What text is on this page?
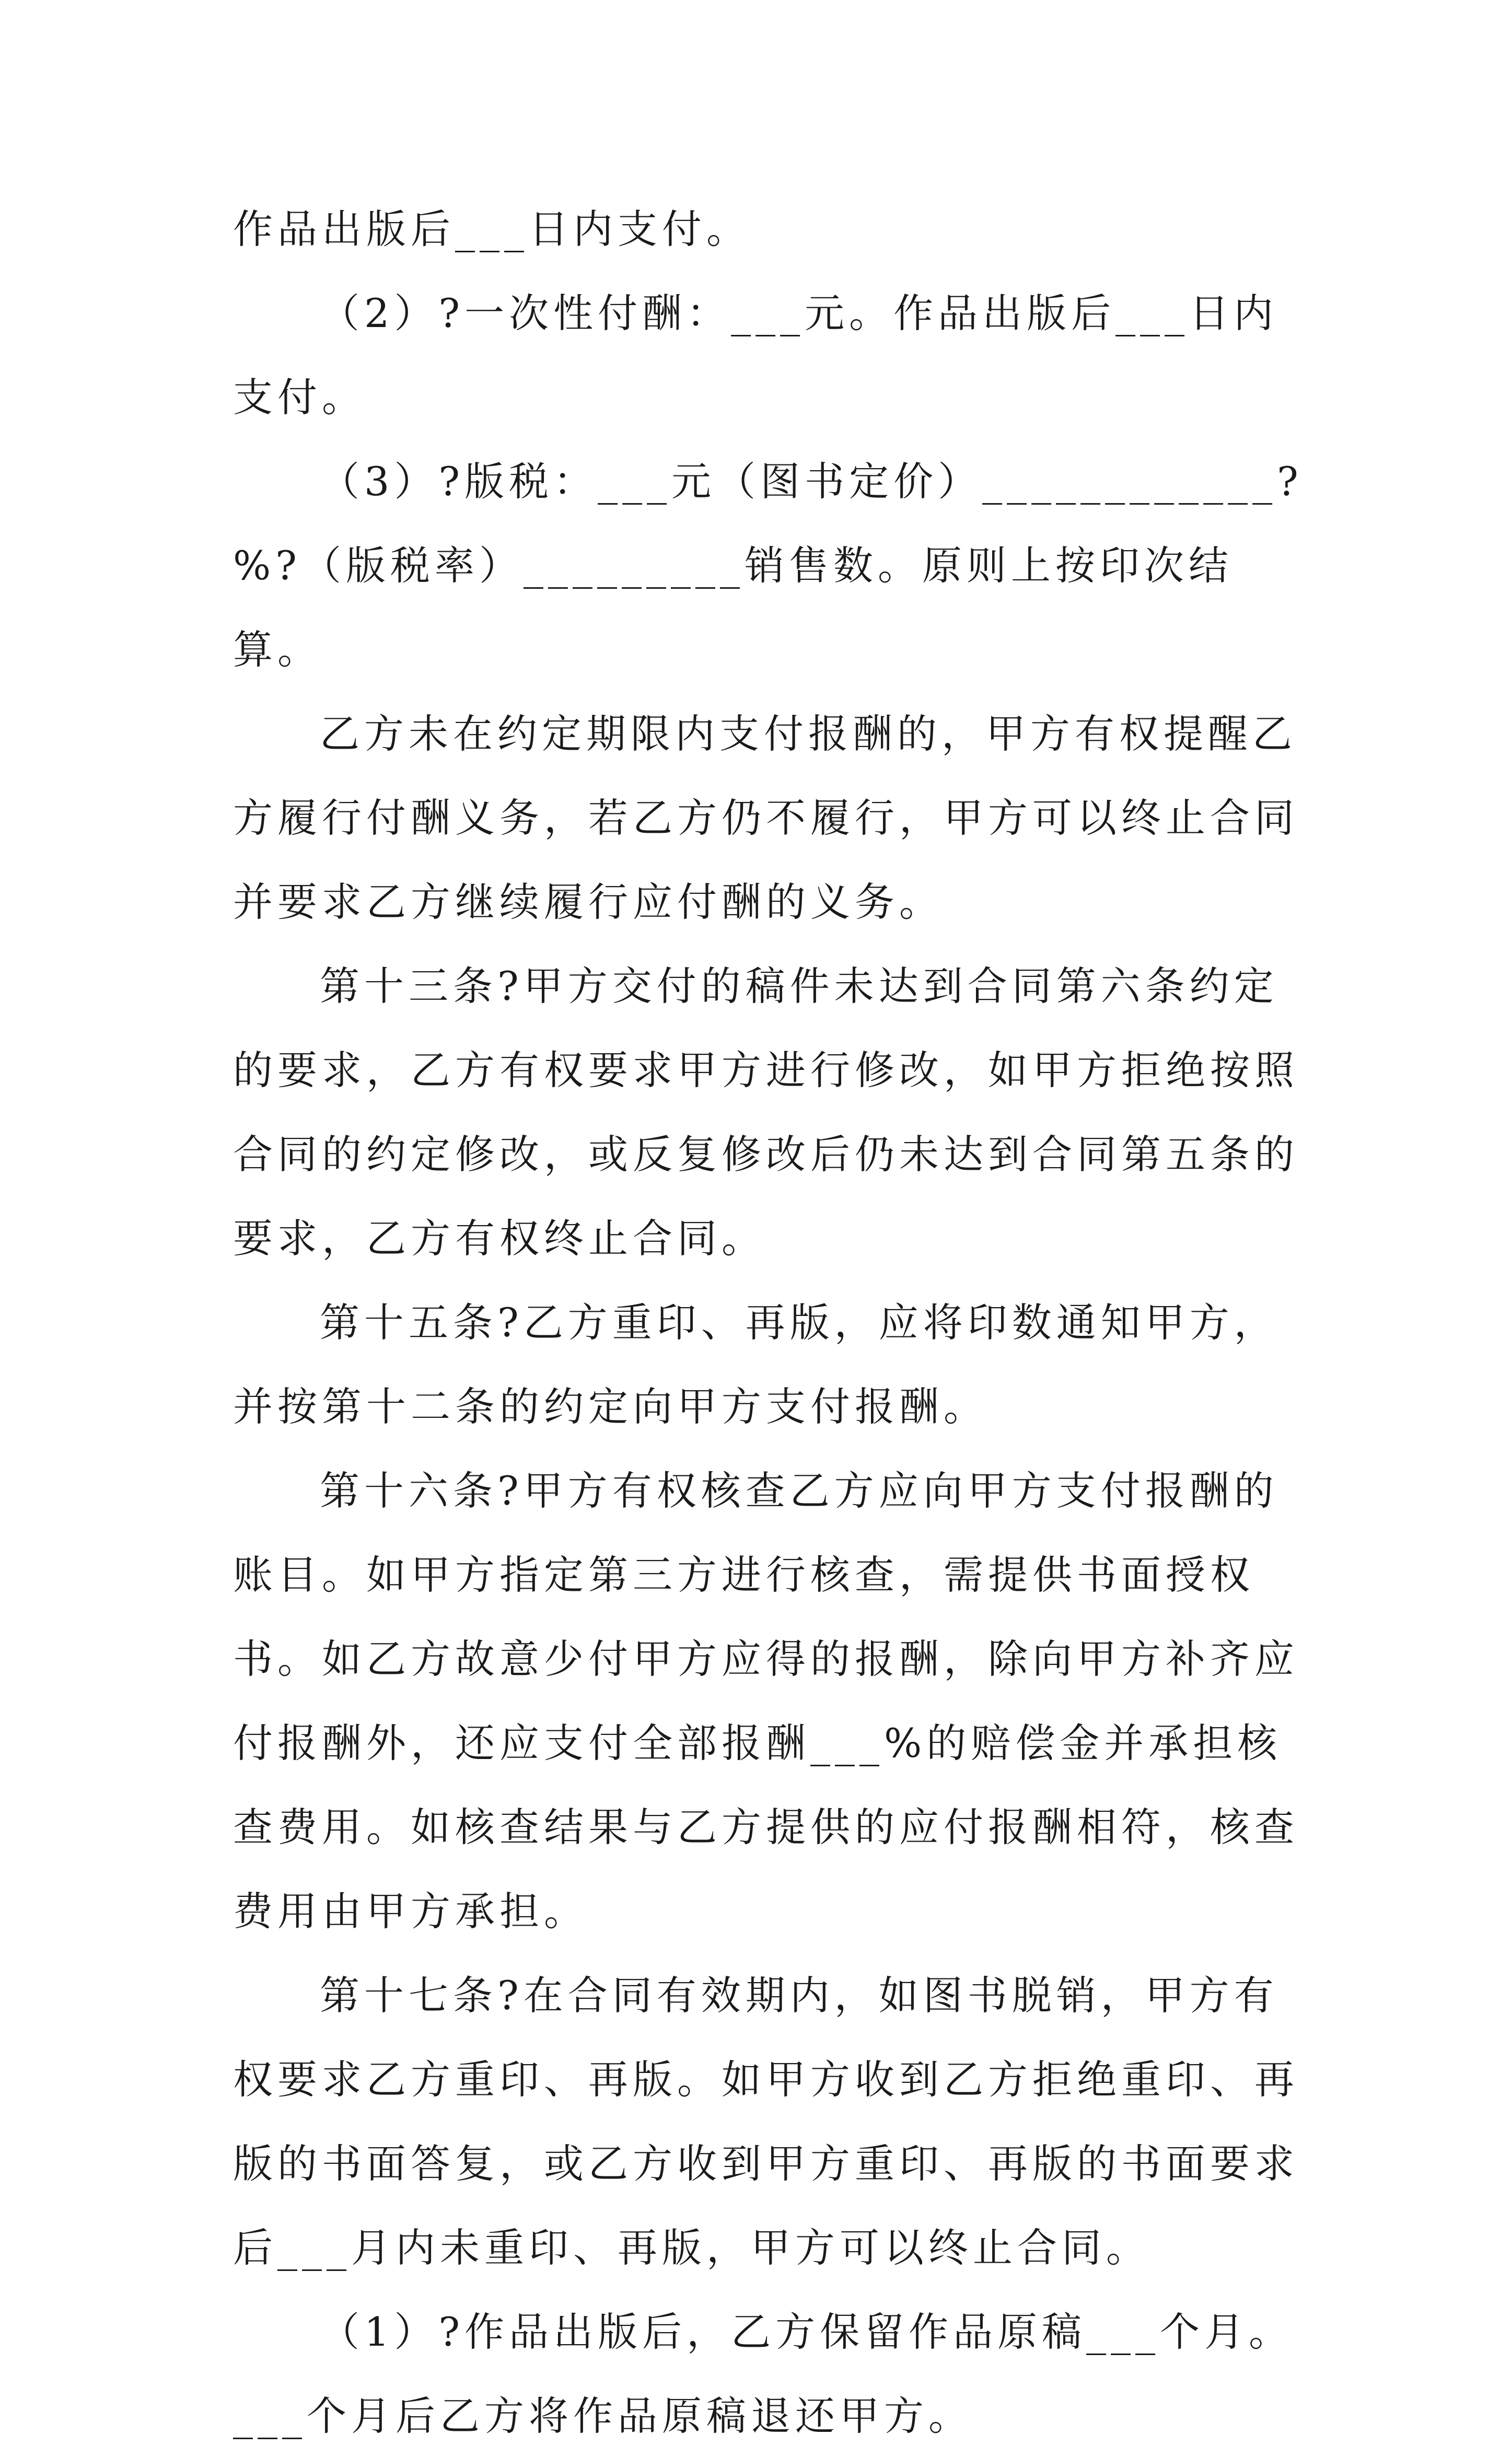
作品出版后___日内支付。

（2）?一次性付酬：___元。作品出版后___日内支付。

（3）?版税：___元（图书定价）____________?%?（版税率）_________销售数。原则上按印次结算。

乙方未在约定期限内支付报酬的，甲方有权提醒乙方履行付酬义务，若乙方仍不履行，甲方可以终止合同并要求乙方继续履行应付酬的义务。

第十三条?甲方交付的稿件未达到合同第六条约定的要求，乙方有权要求甲方进行修改，如甲方拒绝按照合同的约定修改，或反复修改后仍未达到合同第五条的要求，乙方有权终止合同。

第十五条?乙方重印、再版，应将印数通知甲方，并按第十二条的约定向甲方支付报酬。

第十六条?甲方有权核查乙方应向甲方支付报酬的账目。如甲方指定第三方进行核查，需提供书面授权书。如乙方故意少付甲方应得的报酬，除向甲方补齐应付报酬外，还应支付全部报酬___%的赔偿金并承担核查费用。如核查结果与乙方提供的应付报酬相符，核查费用由甲方承担。

第十七条?在合同有效期内，如图书脱销，甲方有权要求乙方重印、再版。如甲方收到乙方拒绝重印、再版的书面答复，或乙方收到甲方重印、再版的书面要求后___月内未重印、再版，甲方可以终止合同。

（1）?作品出版后，乙方保留作品原稿___个月。___个月后乙方将作品原稿退还甲方。
